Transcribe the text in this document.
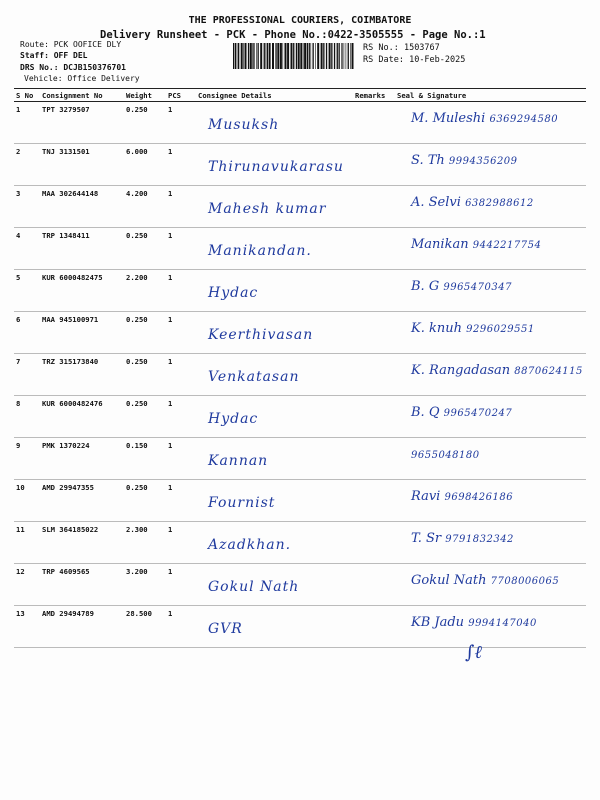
THE PROFESSIONAL COURIERS, COIMBATORE
Delivery Runsheet - PCK - Phone No.:0422-3505555 - Page No.:1
Route: PCK OOFICE DLY
Staff: OFF DEL
DRS No.: DCJB150376701
Vehicle: Office Delivery
RS No.: 1503767
RS Date: 10-Feb-2025
S No	Consignment No	Weight	PCS	Consignee Details	Remarks	Seal & Signature
1	TPT 3279507	0.250	1	Musuksh		M. Muleshi 6369294580

2	TNJ 3131501	6.000	1	Thirunavukarasu		S. Th 9994356209

3	MAA 302644148	4.200	1	Mahesh kumar		A. Selvi 6382988612

4	TRP 1348411	0.250	1	Manikandan.		Manikan 9442217754

5	KUR 6000482475	2.200	1	Hydac		B. G 9965470347

6	MAA 945100971	0.250	1	Keerthivasan		K. knuh 9296029551

7	TRZ 315173840	0.250	1	Venkatasan		K. Rangadasan 8870624115

8	KUR 6000482476	0.250	1	Hydac		B. Q 9965470247

9	PMK 1370224	0.150	1	Kannan		9655048180

10	AMD 29947355	0.250	1	Fournist		Ravi 9698426186

11	SLM 364185022	2.300	1	Azadkhan.		T. Sr 9791832342

12	TRP 4609565	3.200	1	Gokul Nath		Gokul Nath 7708006065

13	AMD 29494789	28.500	1	GVR		KB Jadu 9994147040
∫ℓ
